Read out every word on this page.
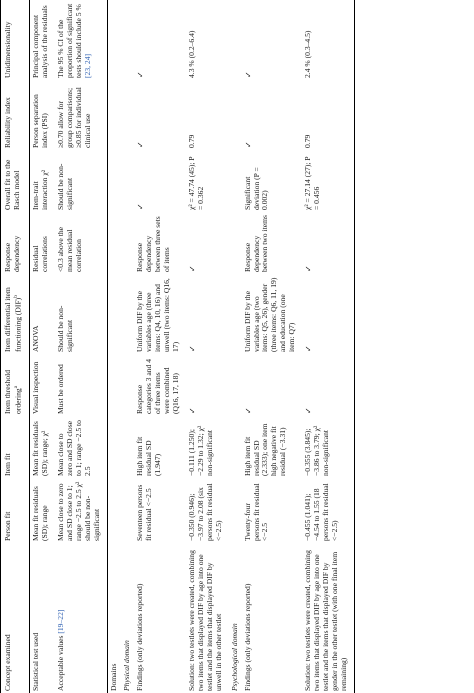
Concept examined	Person fit	Item fit	Item threshold ordering$^a$	Item differential item functioning (DIF)$^b$	Response dependency	Overall fit to the Rasch model	Reliability index	Unidimensionality
Statistical test used	Mean fit residuals (SD); range	Mean fit residuals (SD); range; χ²	Visual inspection	ANOVA	Residual correlations	Item-trait interaction χ²	Person separation index (PSI)	Principal component analysis of the residuals
Acceptable values [19–22]	Mean close to zero and SD close to 1; range −2.5 to 2.5 χ² should be non-significant	Mean close to zero and SD close to 1; range −2.5 to 2.5	Must be ordered	Should be non-significant	<0.3 above the mean residual correlation	Should be non-significant	≥0.70 allow for group comparisons; ≥0.85 for individual clinical use	The 95 % CI of the proportion of significant tests should include 5 % [23, 24]
Domains								
Physical domain								
Findings (only deviations reported)	Seventeen persons fit residual <−2.5	High item fit residual SD (1.947)	Response categories 3 and 4 of three items were combined (Q16, 17, 18)	Uniform DIF by the variables age (three items: Q4, 10, 16) and unwell (two items: Q16, 17)	Response dependency between three sets of items	✓	✓	✓
Solution: two testlets were created, combining two items that displayed DIF by age into one testlet and the items that displayed DIF by unwell in the other testlet	−0.350 (0.946); −3.97 to 2.08 (six persons fit residual <−2.5)	−0.111 (1.250); −2.29 to 1.32; χ² non-significant	✓	✓	✓	χ² = 47.74 (45); P = 0.362	0.79	4.3 % (0.2–6.4)
Psychological domain								
Findings (only deviations reported)	Twenty-four persons fit residual <−2.5	High item fit residual SD (2.333); one item high negative fit residual (−3.31)	✓	Uniform DIF by the variables age (two items: Q5, 26), gender (three items: Q6, 11, 19) and education (one item: Q7)	Response dependency between two items	Significant deviation (P = 0.002)	✓	✓
Solution: two testlets were created, combining two items that displayed DIF by age into one testlet and the items that displayed DIF by gender in the other testlet (with one final item remaining)	−0.455 (1.041); −4.54 to 1.55 (18 persons fit residual <−2.5)	−0.355 (3.845); −3.86 to 3.79; χ² non-significant	✓	✓	✓	χ² = 27.14 (27); P = 0.456	0.79	2.4 % (0.3–4.5)
